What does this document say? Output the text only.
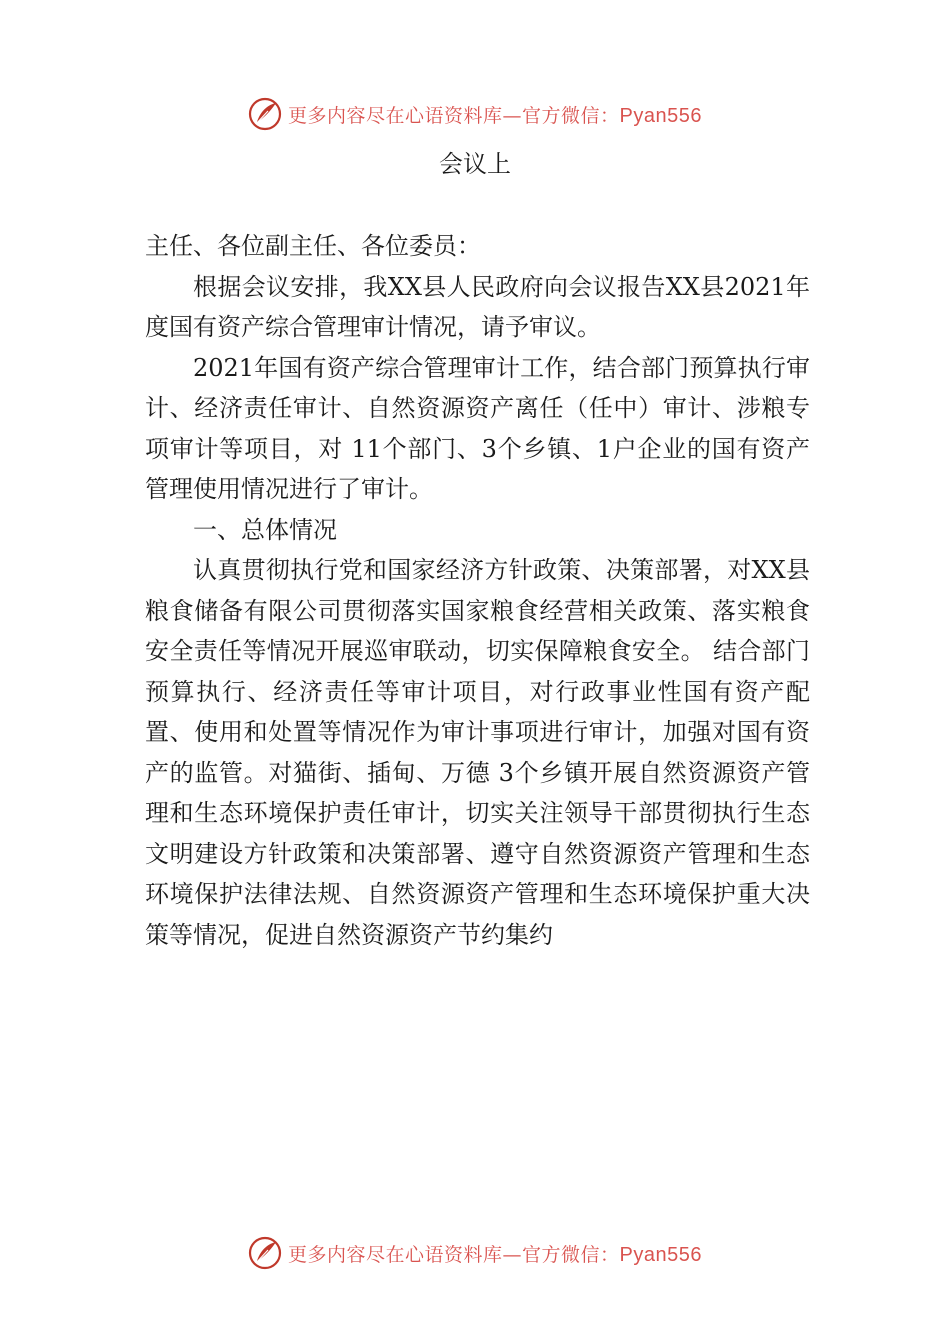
更多内容尽在心语资料库—官方微信：Pyan556
会议上

主任、各位副主任、各位委员：

根据会议安排，我XX县人民政府向会议报告XX县2021年度国有资产综合管理审计情况，请予审议。

2021年国有资产综合管理审计工作，结合部门预算执行审计、经济责任审计、自然资源资产离任（任中）审计、涉粮专项审计等项目，对 11个部门、3个乡镇、1户企业的国有资产管理使用情况进行了审计。

一、总体情况

认真贯彻执行党和国家经济方针政策、决策部署，对XX县粮食储备有限公司贯彻落实国家粮食经营相关政策、落实粮食安全责任等情况开展巡审联动，切实保障粮食安全。 结合部门预算执行、经济责任等审计项目，对行政事业性国有资产配置、使用和处置等情况作为审计事项进行审计，加强对国有资产的监管。对猫街、插甸、万德 3个乡镇开展自然资源资产管理和生态环境保护责任审计，切实关注领导干部贯彻执行生态文明建设方针政策和决策部署、遵守自然资源资产管理和生态环境保护法律法规、自然资源资产管理和生态环境保护重大决策等情况，促进自然资源资产节约集约

更多内容尽在心语资料库—官方微信：Pyan556
